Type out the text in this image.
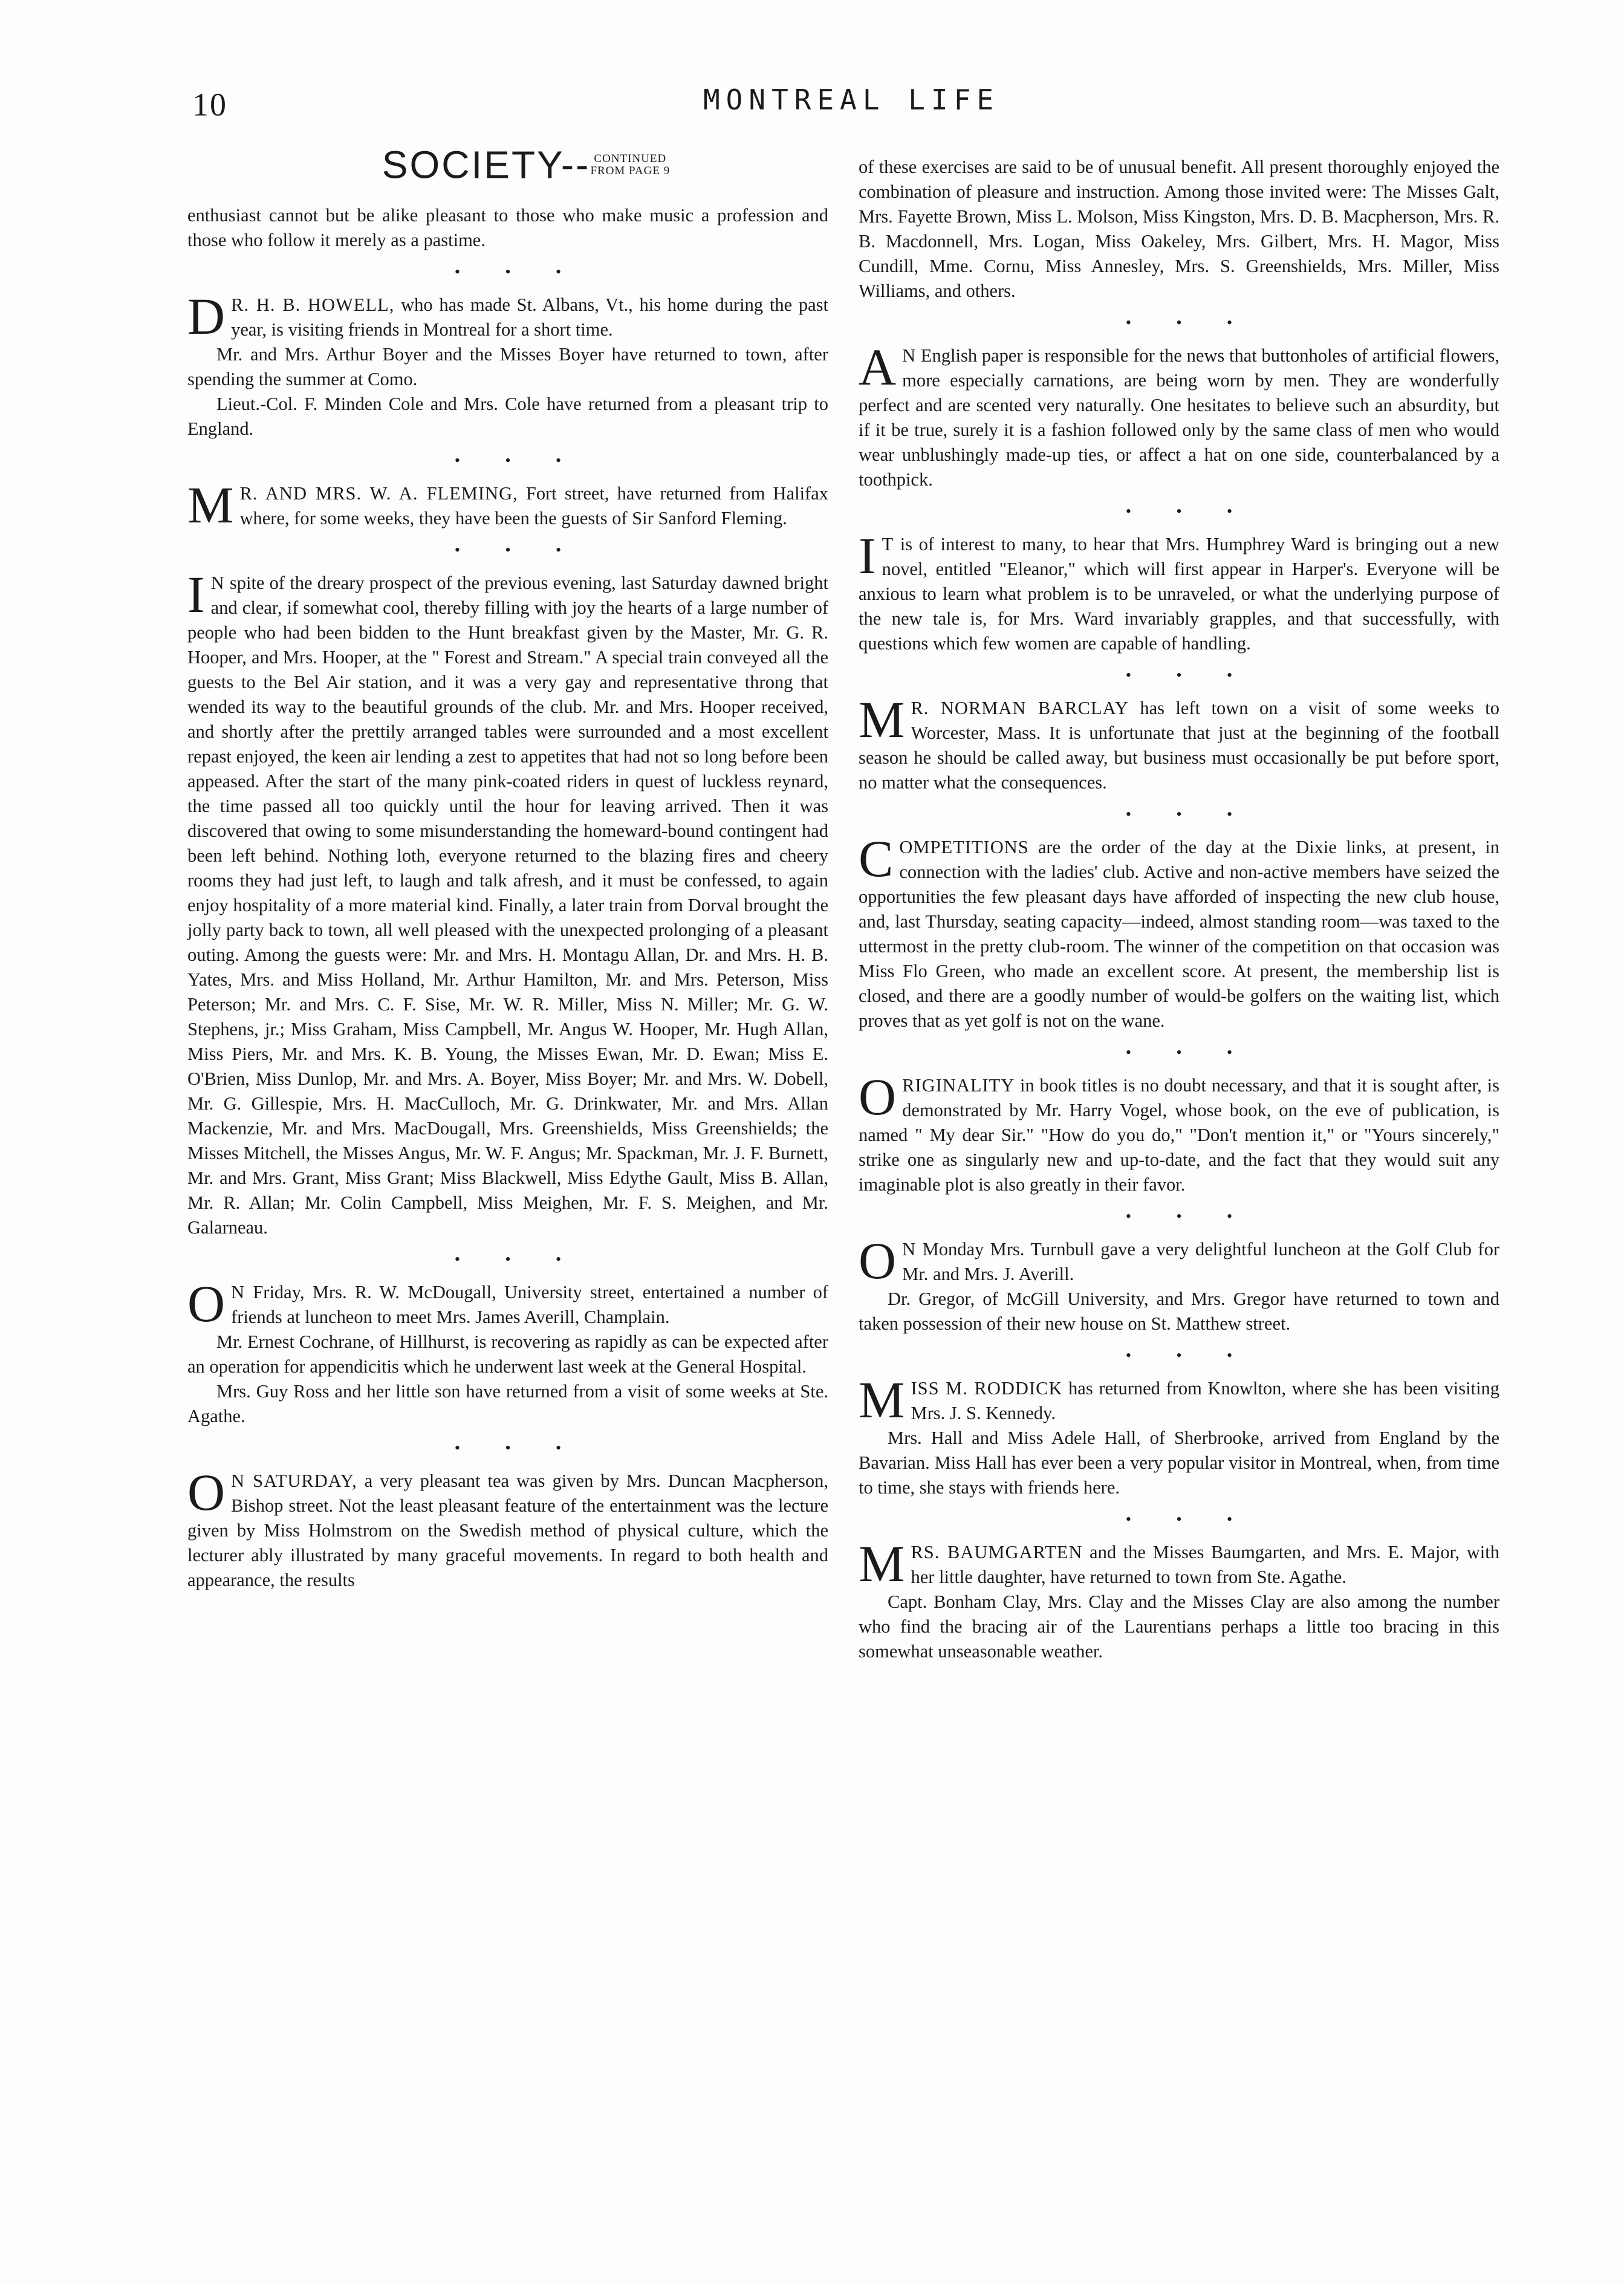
10	MONTREAL LIFE
SOCIETY-- CONTINUED
FROM PAGE 9

enthusiast cannot but be alike pleasant to those who make music a profession and those who follow it merely as a pastime.

• • •

D R. H. B. HOWELL, who has made St. Albans, Vt., his home during the past year, is visiting friends in Montreal for a short time.

Mr. and Mrs. Arthur Boyer and the Misses Boyer have returned to town, after spending the summer at Como.

Lieut.-Col. F. Minden Cole and Mrs. Cole have returned from a pleasant trip to England.

• • •

M R. AND MRS. W. A. FLEMING, Fort street, have returned from Halifax where, for some weeks, they have been the guests of Sir Sanford Fleming.

• • •

I N spite of the dreary prospect of the previous evening, last Saturday dawned bright and clear, if somewhat cool, thereby filling with joy the hearts of a large number of people who had been bidden to the Hunt breakfast given by the Master, Mr. G. R. Hooper, and Mrs. Hooper, at the " Forest and Stream." A special train conveyed all the guests to the Bel Air station, and it was a very gay and representative throng that wended its way to the beautiful grounds of the club. Mr. and Mrs. Hooper received, and shortly after the prettily arranged tables were surrounded and a most excellent repast enjoyed, the keen air lending a zest to appetites that had not so long before been appeased. After the start of the many pink-coated riders in quest of luckless reynard, the time passed all too quickly until the hour for leaving arrived. Then it was discovered that owing to some misunderstanding the homeward-bound contingent had been left behind. Nothing loth, everyone returned to the blazing fires and cheery rooms they had just left, to laugh and talk afresh, and it must be confessed, to again enjoy hospitality of a more material kind. Finally, a later train from Dorval brought the jolly party back to town, all well pleased with the unexpected prolonging of a pleasant outing. Among the guests were: Mr. and Mrs. H. Montagu Allan, Dr. and Mrs. H. B. Yates, Mrs. and Miss Holland, Mr. Arthur Hamilton, Mr. and Mrs. Peterson, Miss Peterson; Mr. and Mrs. C. F. Sise, Mr. W. R. Miller, Miss N. Miller; Mr. G. W. Stephens, jr.; Miss Graham, Miss Campbell, Mr. Angus W. Hooper, Mr. Hugh Allan, Miss Piers, Mr. and Mrs. K. B. Young, the Misses Ewan, Mr. D. Ewan; Miss E. O'Brien, Miss Dunlop, Mr. and Mrs. A. Boyer, Miss Boyer; Mr. and Mrs. W. Dobell, Mr. G. Gillespie, Mrs. H. MacCulloch, Mr. G. Drinkwater, Mr. and Mrs. Allan Mackenzie, Mr. and Mrs. MacDougall, Mrs. Greenshields, Miss Greenshields; the Misses Mitchell, the Misses Angus, Mr. W. F. Angus; Mr. Spackman, Mr. J. F. Burnett, Mr. and Mrs. Grant, Miss Grant; Miss Blackwell, Miss Edythe Gault, Miss B. Allan, Mr. R. Allan; Mr. Colin Campbell, Miss Meighen, Mr. F. S. Meighen, and Mr. Galarneau.

• • •

O N Friday, Mrs. R. W. McDougall, University street, entertained a number of friends at luncheon to meet Mrs. James Averill, Champlain.

Mr. Ernest Cochrane, of Hillhurst, is recovering as rapidly as can be expected after an operation for appendicitis which he underwent last week at the General Hospital.

Mrs. Guy Ross and her little son have returned from a visit of some weeks at Ste. Agathe.

• • •

O N SATURDAY, a very pleasant tea was given by Mrs. Duncan Macpherson, Bishop street. Not the least pleasant feature of the entertainment was the lecture given by Miss Holmstrom on the Swedish method of physical culture, which the lecturer ably illustrated by many graceful movements. In regard to both health and appearance, the results

of these exercises are said to be of unusual benefit. All present thoroughly enjoyed the combination of pleasure and instruction. Among those invited were: The Misses Galt, Mrs. Fayette Brown, Miss L. Molson, Miss Kingston, Mrs. D. B. Macpherson, Mrs. R. B. Macdonnell, Mrs. Logan, Miss Oakeley, Mrs. Gilbert, Mrs. H. Magor, Miss Cundill, Mme. Cornu, Miss Annesley, Mrs. S. Greenshields, Mrs. Miller, Miss Williams, and others.

• • •

A N English paper is responsible for the news that buttonholes of artificial flowers, more especially carnations, are being worn by men. They are wonderfully perfect and are scented very naturally. One hesitates to believe such an absurdity, but if it be true, surely it is a fashion followed only by the same class of men who would wear unblushingly made-up ties, or affect a hat on one side, counterbalanced by a toothpick.

• • •

I T is of interest to many, to hear that Mrs. Humphrey Ward is bringing out a new novel, entitled "Eleanor," which will first appear in Harper's. Everyone will be anxious to learn what problem is to be unraveled, or what the underlying purpose of the new tale is, for Mrs. Ward invariably grapples, and that successfully, with questions which few women are capable of handling.

• • •

M R. NORMAN BARCLAY has left town on a visit of some weeks to Worcester, Mass. It is unfortunate that just at the beginning of the football season he should be called away, but business must occasionally be put before sport, no matter what the consequences.

• • •

COMPETITIONS are the order of the day at the Dixie links, at present, in connection with the ladies' club. Active and non-active members have seized the opportunities the few pleasant days have afforded of inspecting the new club house, and, last Thursday, seating capacity—indeed, almost standing room—was taxed to the uttermost in the pretty club-room. The winner of the competition on that occasion was Miss Flo Green, who made an excellent score. At present, the membership list is closed, and there are a goodly number of would-be golfers on the waiting list, which proves that as yet golf is not on the wane.

• • •

ORIGINALITY in book titles is no doubt necessary, and that it is sought after, is demonstrated by Mr. Harry Vogel, whose book, on the eve of publication, is named " My dear Sir." "How do you do," "Don't mention it," or "Yours sincerely," strike one as singularly new and up-to-date, and the fact that they would suit any imaginable plot is also greatly in their favor.

• • •

O N Monday Mrs. Turnbull gave a very delightful luncheon at the Golf Club for Mr. and Mrs. J. Averill.

Dr. Gregor, of McGill University, and Mrs. Gregor have returned to town and taken possession of their new house on St. Matthew street.

• • •

MISS M. RODDICK has returned from Knowlton, where she has been visiting Mrs. J. S. Kennedy.

Mrs. Hall and Miss Adele Hall, of Sherbrooke, arrived from England by the Bavarian. Miss Hall has ever been a very popular visitor in Montreal, when, from time to time, she stays with friends here.

• • •

MRS. BAUMGARTEN and the Misses Baumgarten, and Mrs. E. Major, with her little daughter, have returned to town from Ste. Agathe.

Capt. Bonham Clay, Mrs. Clay and the Misses Clay are also among the number who find the bracing air of the Laurentians perhaps a little too bracing in this somewhat unseasonable weather.
